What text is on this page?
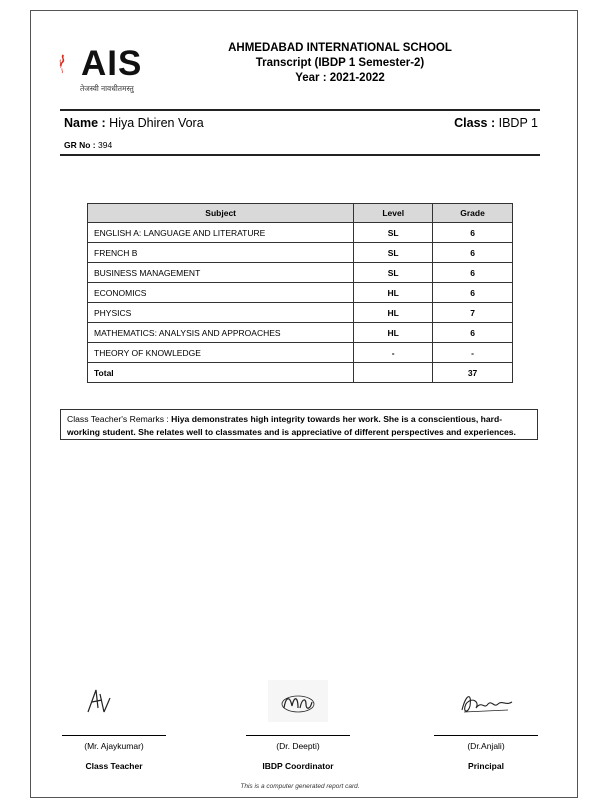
AIS
तेजस्वी नावधीतमस्तु
AHMEDABAD INTERNATIONAL SCHOOL
Transcript (IBDP 1 Semester-2)
Year : 2021-2022
Name : Hiya Dhiren Vora	Class : IBDP 1
GR No : 394
Subject	Level	Grade
ENGLISH A: LANGUAGE AND LITERATURE	SL	6
FRENCH B	SL	6
BUSINESS MANAGEMENT	SL	6
ECONOMICS	HL	6
PHYSICS	HL	7
MATHEMATICS: ANALYSIS AND APPROACHES	HL	6
THEORY OF KNOWLEDGE	-	-
Total		37
Class Teacher's Remarks : Hiya demonstrates high integrity towards her work. She is a conscientious, hard-working student. She relates well to classmates and is appreciative of different perspectives and experiences.
(Mr. Ajaykumar)	(Dr. Deepti)	(Dr.Anjali)
Class Teacher	IBDP Coordinator	Principal
This is a computer generated report card.
